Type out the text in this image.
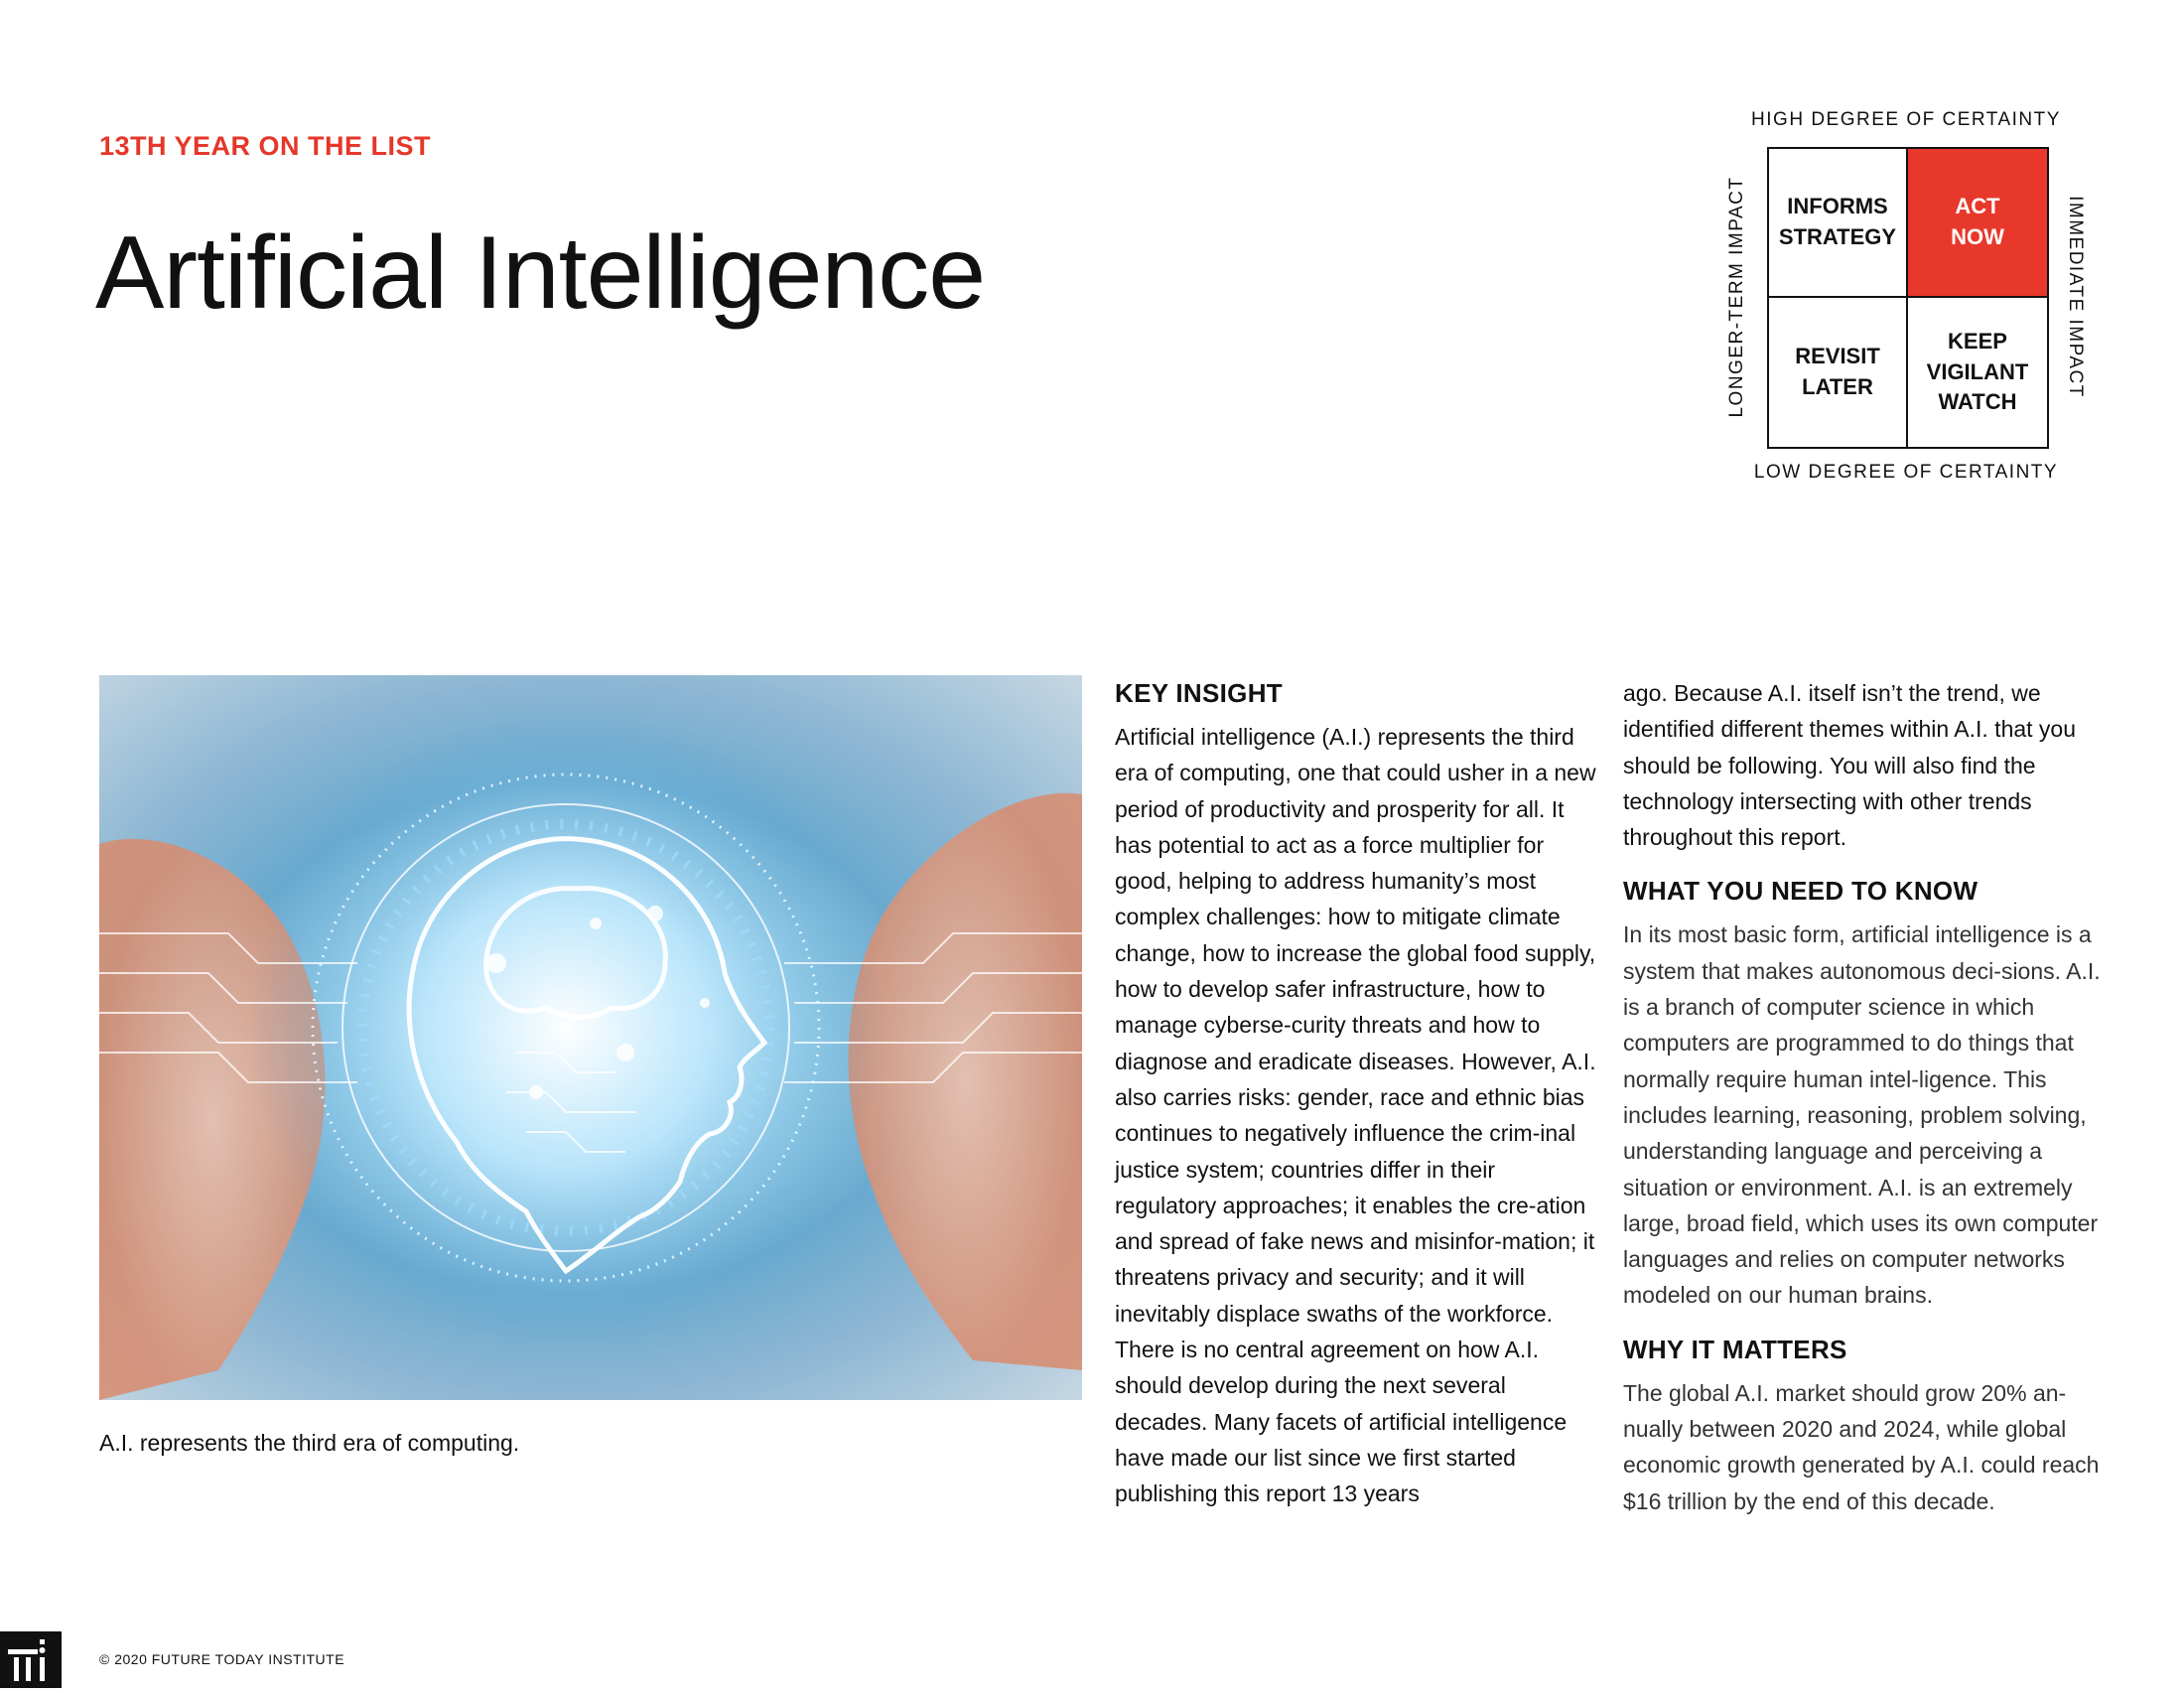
13TH YEAR ON THE LIST
Artificial Intelligence
HIGH DEGREE OF CERTAINTY
LONGER-TERM IMPACT	IMMEDIATE IMPACT
INFORMS
STRATEGY
ACT
NOW
REVISIT
LATER
KEEP
VIGILANT
WATCH
LOW DEGREE OF CERTAINTY
A.I. represents the third era of computing.
KEY INSIGHT

Artificial intelligence (A.I.) represents the third era of computing, one that could usher in a new period of productivity and prosperity for all. It has potential to act as a force multiplier for good, helping to address humanity’s most complex challenges: how to mitigate climate change, how to increase the global food supply, how to develop safer infrastructure, how to manage cyberse-curity threats and how to diagnose and eradicate diseases. However, A.I. also carries risks: gender, race and ethnic bias continues to negatively influence the crim-inal justice system; countries differ in their regulatory approaches; it enables the cre-ation and spread of fake news and misinfor-mation; it threatens privacy and security; and it will inevitably displace swaths of the workforce. There is no central agreement on how A.I. should develop during the next several decades. Many facets of artificial intelligence have made our list since we first started publishing this report 13 years

ago. Because A.I. itself isn’t the trend, we identified different themes within A.I. that you should be following. You will also find the technology intersecting with other trends throughout this report.

WHAT YOU NEED TO KNOW

In its most basic form, artificial intelligence is a system that makes autonomous deci-sions. A.I. is a branch of computer science in which computers are programmed to do things that normally require human intel-ligence. This includes learning, reasoning, problem solving, understanding language and perceiving a situation or environment. A.I. is an extremely large, broad field, which uses its own computer languages and relies on computer networks modeled on our human brains.

WHY IT MATTERS

The global A.I. market should grow 20% an-nually between 2020 and 2024, while global economic growth generated by A.I. could reach $16 trillion by the end of this decade.

© 2020 FUTURE TODAY INSTITUTE
